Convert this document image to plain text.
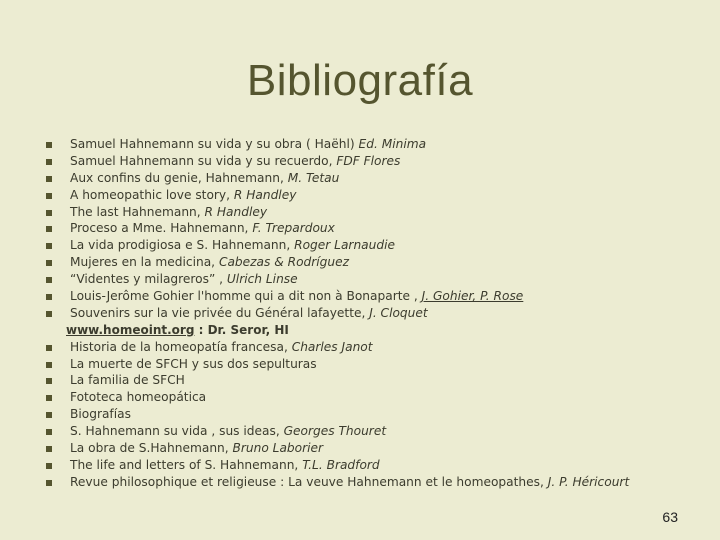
Bibliografía
Samuel Hahnemann su vida y su obra ( Haëhl) Ed. Minima
Samuel Hahnemann su vida y su recuerdo, FDF Flores
Aux confins du genie, Hahnemann, M. Tetau
A homeopathic love story, R Handley
The last Hahnemann, R Handley
Proceso a Mme. Hahnemann, F. Trepardoux
La vida prodigiosa e S. Hahnemann, Roger Larnaudie
Mujeres en la medicina, Cabezas & Rodríguez
“Videntes y milagreros” , Ulrich Linse
Louis-Jerôme Gohier l'homme qui a dit non à Bonaparte , J. Gohier, P. Rose
Souvenirs sur la vie privée du Général lafayette, J. Cloquet
www.homeoint.org : Dr. Seror, HI
Historia de la homeopatía francesa, Charles Janot
La muerte de SFCH y sus dos sepulturas
La familia de SFCH
Fototeca homeopática
Biografías
S. Hahnemann su vida , sus ideas, Georges Thouret
La obra de S.Hahnemann, Bruno Laborier
The life and letters of S. Hahnemann, T.L. Bradford
Revue philosophique et religieuse : La veuve Hahnemann et le homeopathes, J. P. Héricourt
63
